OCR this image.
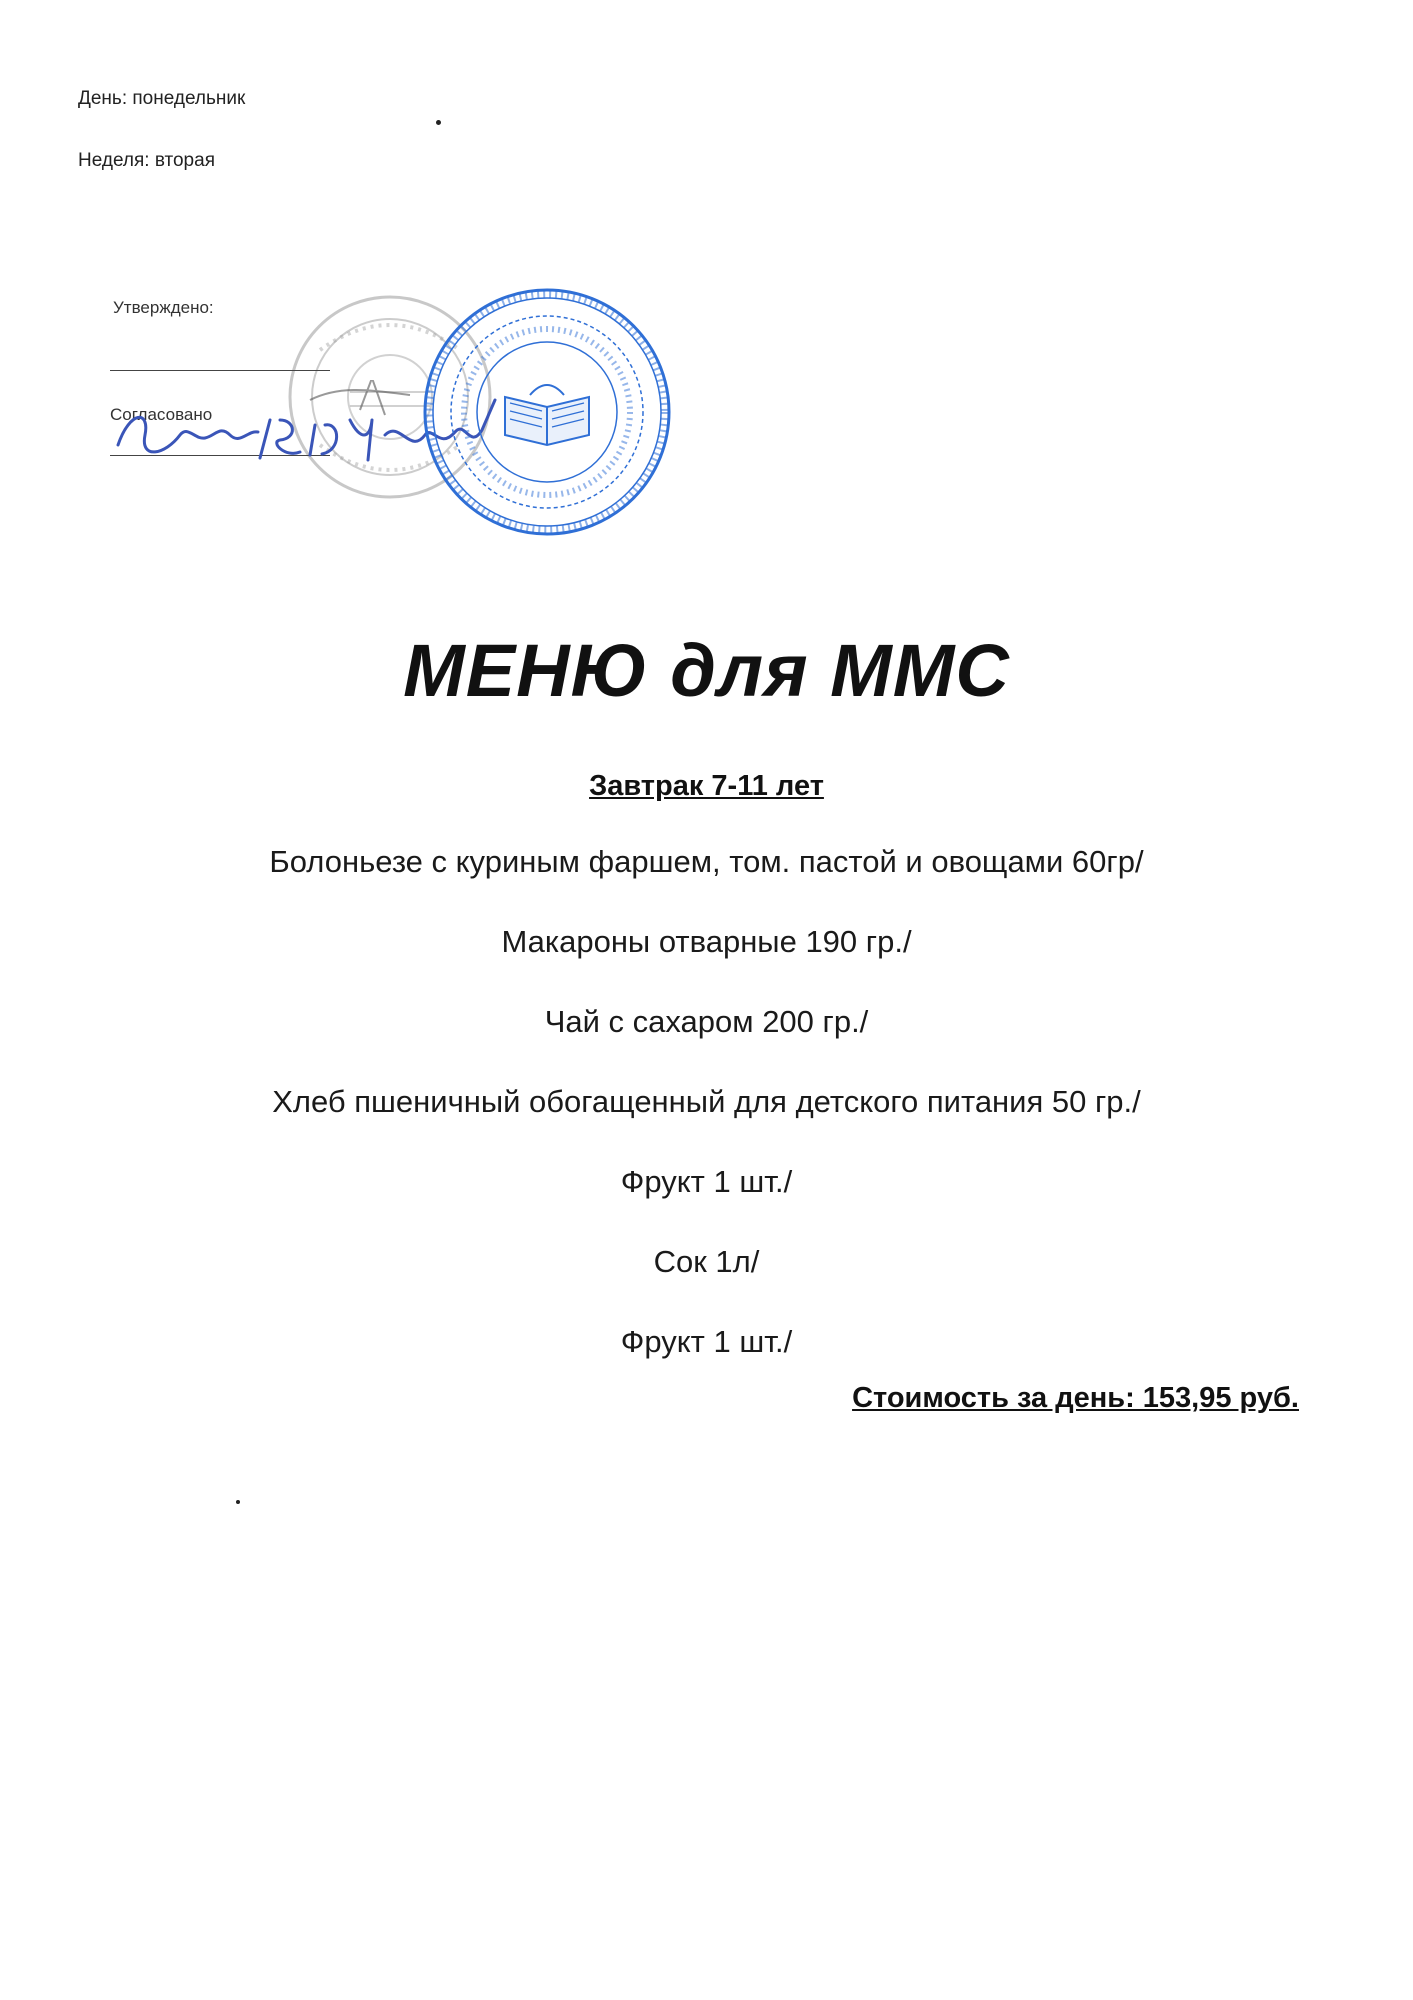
День: понедельник
Неделя: вторая
Утверждено:
Согласовано
МЕНЮ для ММС
Завтрак 7-11 лет
Болоньезе с куриным фаршем, том. пастой и овощами 60гр/
Макароны отварные 190 гр./
Чай с сахаром 200 гр./
Хлеб пшеничный обогащенный для детского питания 50 гр./
Фрукт 1 шт./
Сок 1л/
Фрукт 1 шт./
Стоимость за день: 153,95 руб.
